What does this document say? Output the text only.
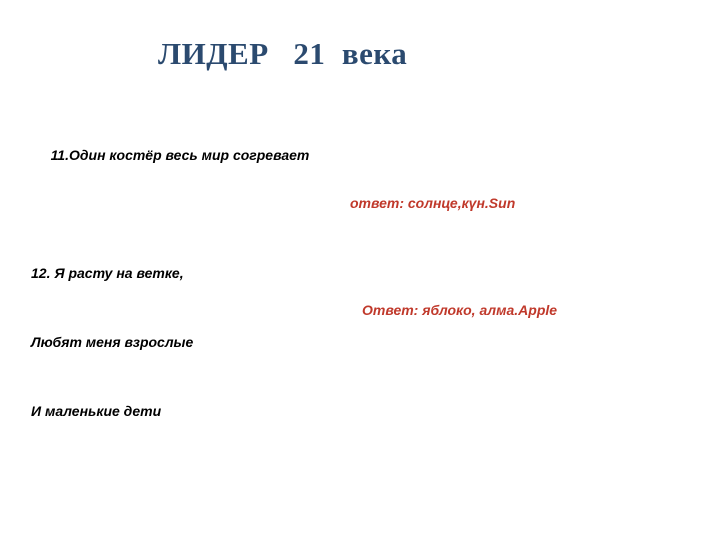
ЛИДЕР   21  века

11.Один костёр весь мир согревает

ответ: солнце,күн.Sun

12. Я расту на ветке,

Любят меня взрослые

И маленькие дети

Ответ: яблоко, алма.Apple
